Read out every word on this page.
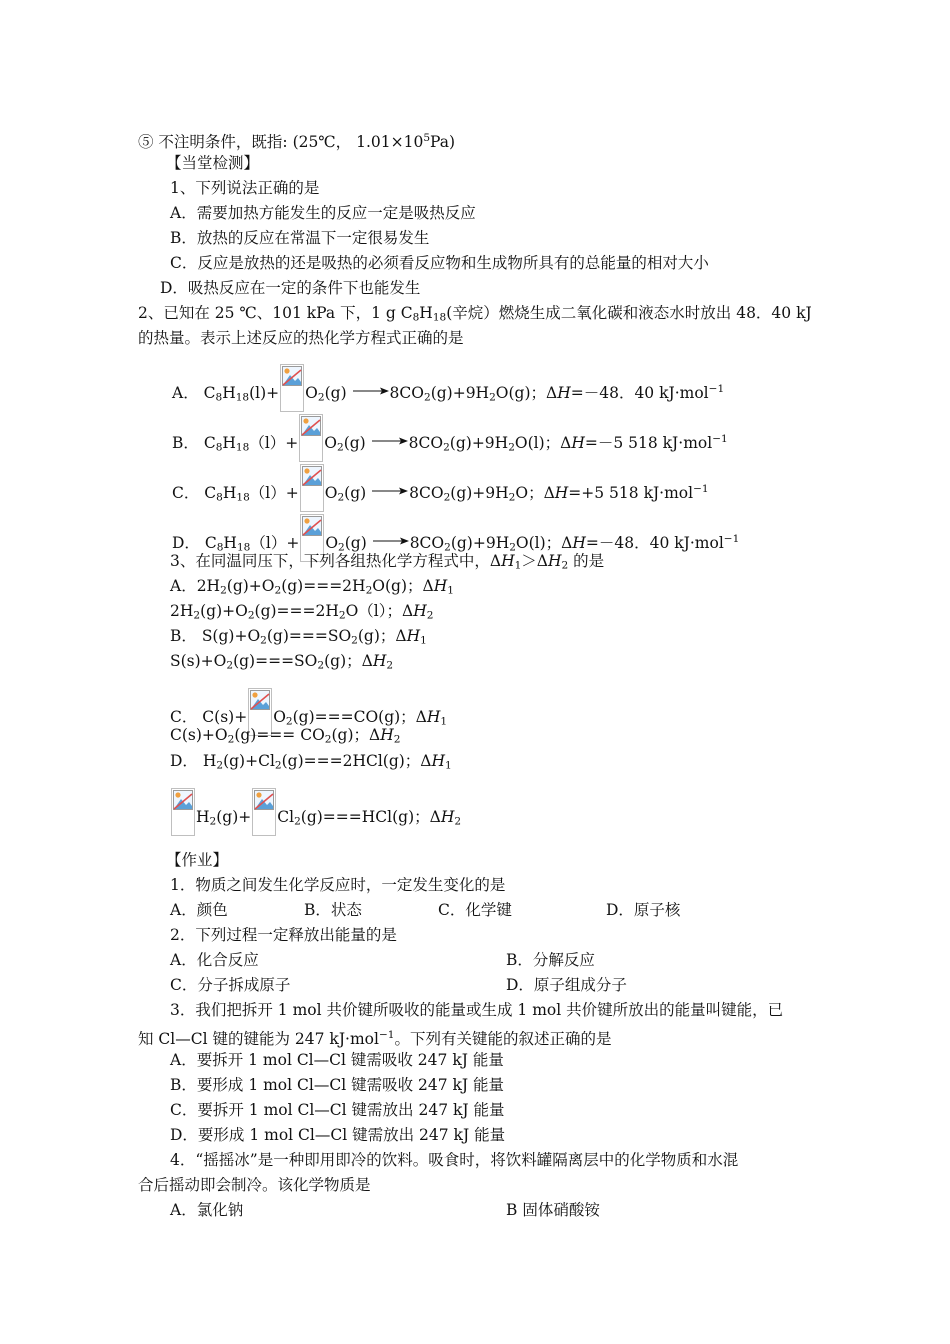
⑤ 不注明条件，既指: (25℃， $1.01\times 10^5Pa$)
【当堂检测】
1、下列说法正确的是
A．需要加热方能发生的反应一定是吸热反应
B．放热的反应在常温下一定很易发生
C．反应是放热的还是吸热的必须看反应物和生成物所具有的总能量的相对大小
D．吸热反应在一定的条件下也能发生
2、已知在 25 ℃、101 kPa 下，1 g $C_8H_{18}$(辛烷）燃烧生成二氧化碳和液态水时放出 48．40 kJ
的热量。表示上述反应的热化学方程式正确的是
A． $C_8H_{18}(l)+ O_2(g) \to 8CO_2(g)+9H_2O(g)$；ΔH=－48．40 kJ·mol$^{-1}$
B． $C_8H_{18}(l)+ O_2(g) \to 8CO_2(g)+9H_2O(l)$；ΔH=－5 518 kJ·mol$^{-1}$
C． $C_8H_{18}(l)+ O_2(g) \to 8CO_2(g)+9H_2O$；ΔH=+5 518 kJ·mol$^{-1}$
D． $C_8H_{18}(l)+ O_2(g) \to 8CO_2(g)+9H_2O(l)$；ΔH=－48．40 kJ·mol$^{-1}$
3、在同温同压下，下列各组热化学方程式中，$\Delta H_1>\Delta H_2$ 的是
A．$2H_2(g)+O_2(g)===2H_2O(g)$；$\Delta H_1$
$2H_2(g)+O_2(g)===2H_2O(l)$；$\Delta H_2$
B． $S(g)+O_2(g)===SO_2(g)$；$\Delta H_1$
$S(s)+O_2(g)===SO_2(g)$；$\Delta H_2$
C． $C(s)+ O_2(g)===CO(g)$；$\Delta H_1$
$C(s)+O_2(g)=== CO_2(g)$；$\Delta H_2$
D． $H_2(g)+Cl_2(g)===2HCl(g)$；$\Delta H_1$
$H_2(g)+ Cl_2(g)===HCl(g)$；$\Delta H_2$
【作业】
1．物质之间发生化学反应时，一定发生变化的是
A．颜色	B．状态	C．化学键	D．原子核
2．下列过程一定释放出能量的是
A．化合反应	B．分解反应
C．分子拆成原子	D．原子组成分子
3．我们把拆开 1 mol 共价键所吸收的能量或生成 1 mol 共价键所放出的能量叫键能，已
知 Cl—Cl 键的键能为 247 kJ·mol$^{-1}$。下列有关键能的叙述正确的是
A．要拆开 1 mol Cl—Cl 键需吸收 247 kJ 能量
B．要形成 1 mol Cl—Cl 键需吸收 247 kJ 能量
C．要拆开 1 mol Cl—Cl 键需放出 247 kJ 能量
D．要形成 1 mol Cl—Cl 键需放出 247 kJ 能量
4．“摇摇冰”是一种即用即冷的饮料。吸食时，将饮料罐隔离层中的化学物质和水混
合后摇动即会制冷。该化学物质是
A．氯化钠	B 固体硝酸铵
